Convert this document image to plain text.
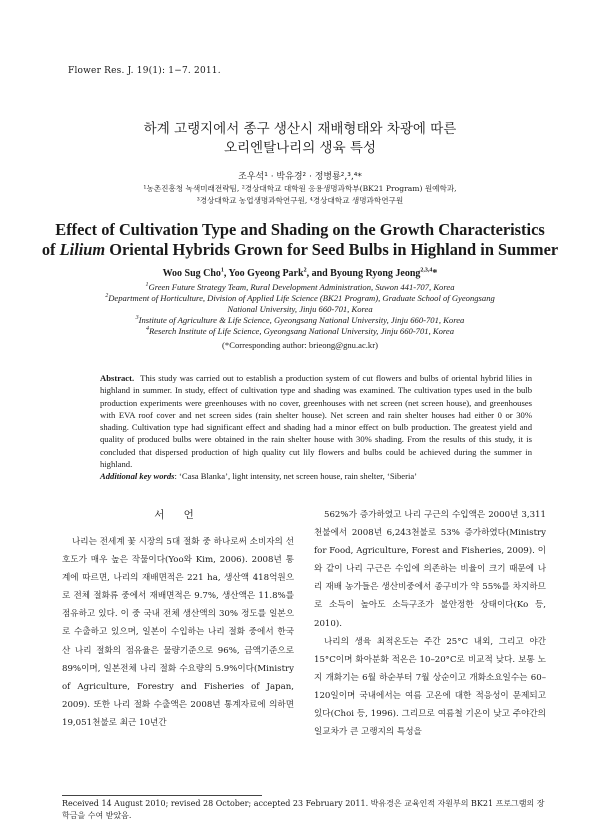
Flower Res. J. 19(1): 1−7. 2011.
하계 고랭지에서 종구 생산시 재배형태와 차광에 따른
오리엔탈나리의 생육 특성
조우석¹ · 박유경² · 정병룡²,³,⁴*
¹농촌진흥청 녹색미래전략팀, ²경상대학교 대학원 응용생명과학부(BK21 Program) 원예학과,
³경상대학교 농업생명과학연구원, ⁴경상대학교 생명과학연구원
Effect of Cultivation Type and Shading on the Growth Characteristics
of Lilium Oriental Hybrids Grown for Seed Bulbs in Highland in Summer
Woo Sug Cho$^1$, Yoo Gyeong Park$^2$, and Byoung Ryong Jeong$^{2,3,4}$*
$^1$Green Future Strategy Team, Rural Development Administration, Suwon 441-707, Korea
$^2$Department of Horticulture, Division of Applied Life Science (BK21 Program), Graduate School of Gyeongsang
National University, Jinju 660-701, Korea
$^3$Institute of Agriculture & Life Science, Gyeongsang National University, Jinju 660-701, Korea
$^4$Reserch Institute of Life Science, Gyeongsang National University, Jinju 660-701, Korea
(*Corresponding author: brieong@gnu.ac.kr)
Abstract. This study was carried out to establish a production system of cut flowers and bulbs of oriental hybrid lilies in highland in summer. In study, effect of cultivation type and shading was examined. The cultivation types used in the bulb production experiments were greenhouses with no cover, greenhouses with net screen (net screen house), and greenhouses with EVA roof cover and net screen sides (rain shelter house). Net screen and rain shelter houses had either 0 or 30% shading. Cultivation type had significant effect and shading had a minor effect on bulb production. The greatest yield and quality of produced bulbs were obtained in the rain shelter house with 30% shading. From the results of this study, it is concluded that dispersed production of high quality cut lily flowers and bulbs could be achieved during the summer in highland.
Additional key words: ‘Casa Blanka’, light intensity, net screen house, rain shelter, ‘Siberia’

서 언

나리는 전세계 꽃 시장의 5대 절화 중 하나로써 소비자의 선호도가 매우 높은 작물이다(Yoo와 Kim, 2006). 2008년 통계에 따르면, 나리의 재배면적은 221 ha, 생산액 418억원으로 전체 절화류 중에서 재배면적은 9.7%, 생산액은 11.8%를 점유하고 있다. 이 중 국내 전체 생산액의 30% 정도를 일본으로 수출하고 있으며, 일본이 수입하는 나리 절화 중에서 한국산 나리 절화의 점유율은 물량기준으로 96%, 금액기준으로 89%이며, 일본전체 나리 절화 수요량의 5.9%이다(Ministry of Agriculture, Forestry and Fisheries of Japan, 2009). 또한 나리 절화 수출액은 2008년 통계자료에 의하면 19,051천불로 최근 10년간

562%가 증가하였고 나리 구근의 수입액은 2000년 3,311천불에서 2008년 6,243천불로 53% 증가하였다(Ministry for Food, Agriculture, Forest and Fisheries, 2009). 이와 같이 나리 구근은 수입에 의존하는 비율이 크기 때문에 나리 재배 농가들은 생산비중에서 종구비가 약 55%를 차지하므로 소득이 높아도 소득구조가 불안정한 상태이다(Ko 등, 2010).

나리의 생육 최적온도는 주간 25°C 내외, 그리고 야간 15°C이며 화아분화 적온은 10–20°C로 비교적 낮다. 보통 노지 개화기는 6월 하순부터 7월 상순이고 개화소요일수는 60–120일이며 국내에서는 여름 고온에 대한 적응성이 문제되고 있다(Choi 등, 1996). 그리므로 여름철 기온이 낮고 주야간의 일교차가 큰 고랭지의 특성을

Received 14 August 2010; revised 28 October; accepted 23 February 2011. 박유경은 교육인적 자원부의 BK21 프로그램의 장학금을 수여 받았음.
